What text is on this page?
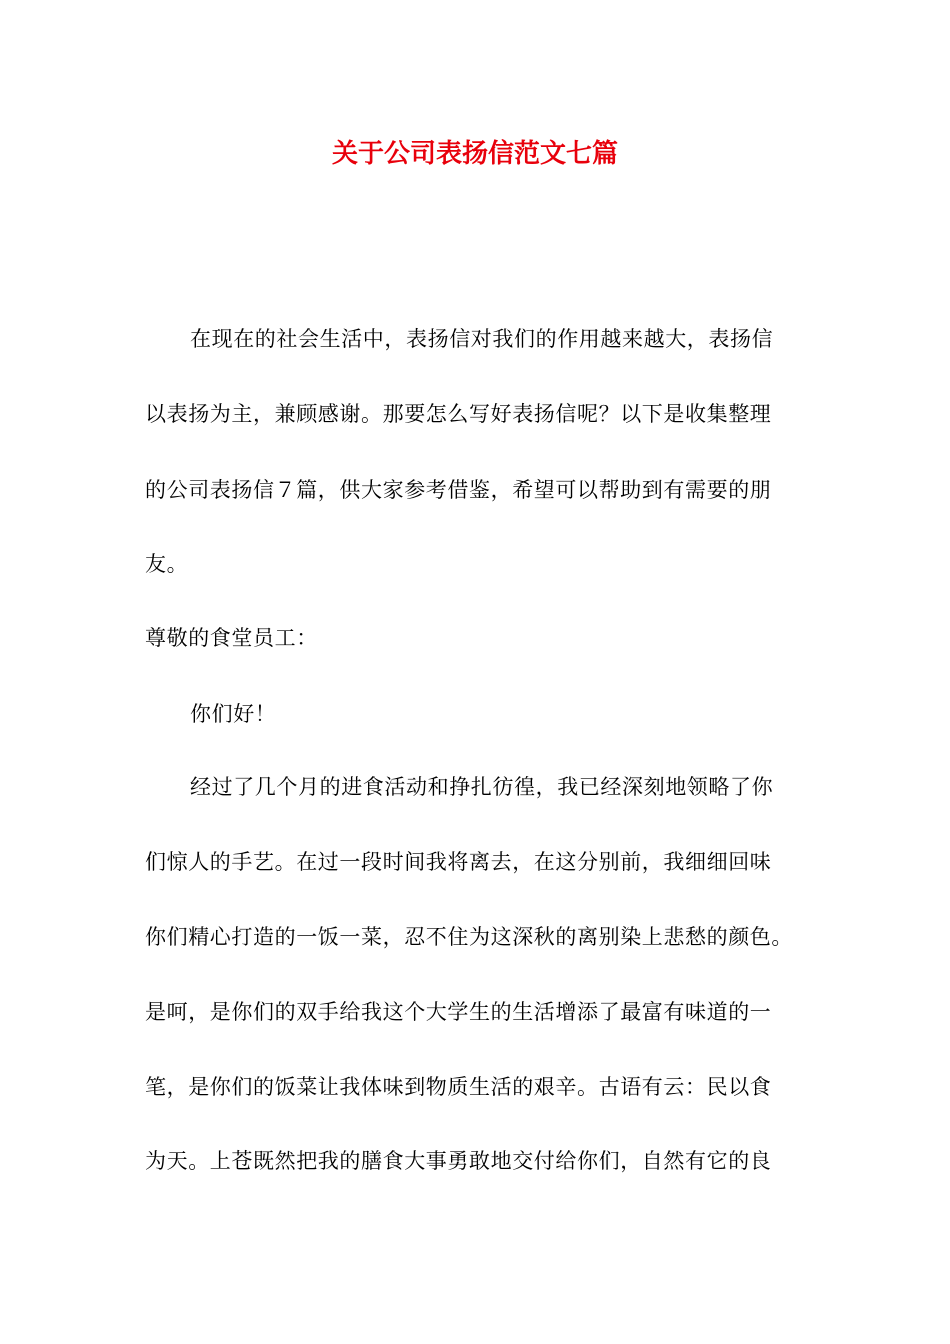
关于公司表扬信范文七篇
在现在的社会生活中，表扬信对我们的作用越来越大，表扬信
以表扬为主，兼顾感谢。那要怎么写好表扬信呢？以下是收集整理
的公司表扬信７篇，供大家参考借鉴，希望可以帮助到有需要的朋
友。
尊敬的食堂员工：
你们好！
经过了几个月的进食活动和挣扎彷徨，我已经深刻地领略了你
们惊人的手艺。在过一段时间我将离去，在这分别前，我细细回味
你们精心打造的一饭一菜，忍不住为这深秋的离别染上悲愁的颜色。
是呵，是你们的双手给我这个大学生的生活增添了最富有味道的一
笔，是你们的饭菜让我体味到物质生活的艰辛。古语有云：民以食
为天。上苍既然把我的膳食大事勇敢地交付给你们，自然有它的良
